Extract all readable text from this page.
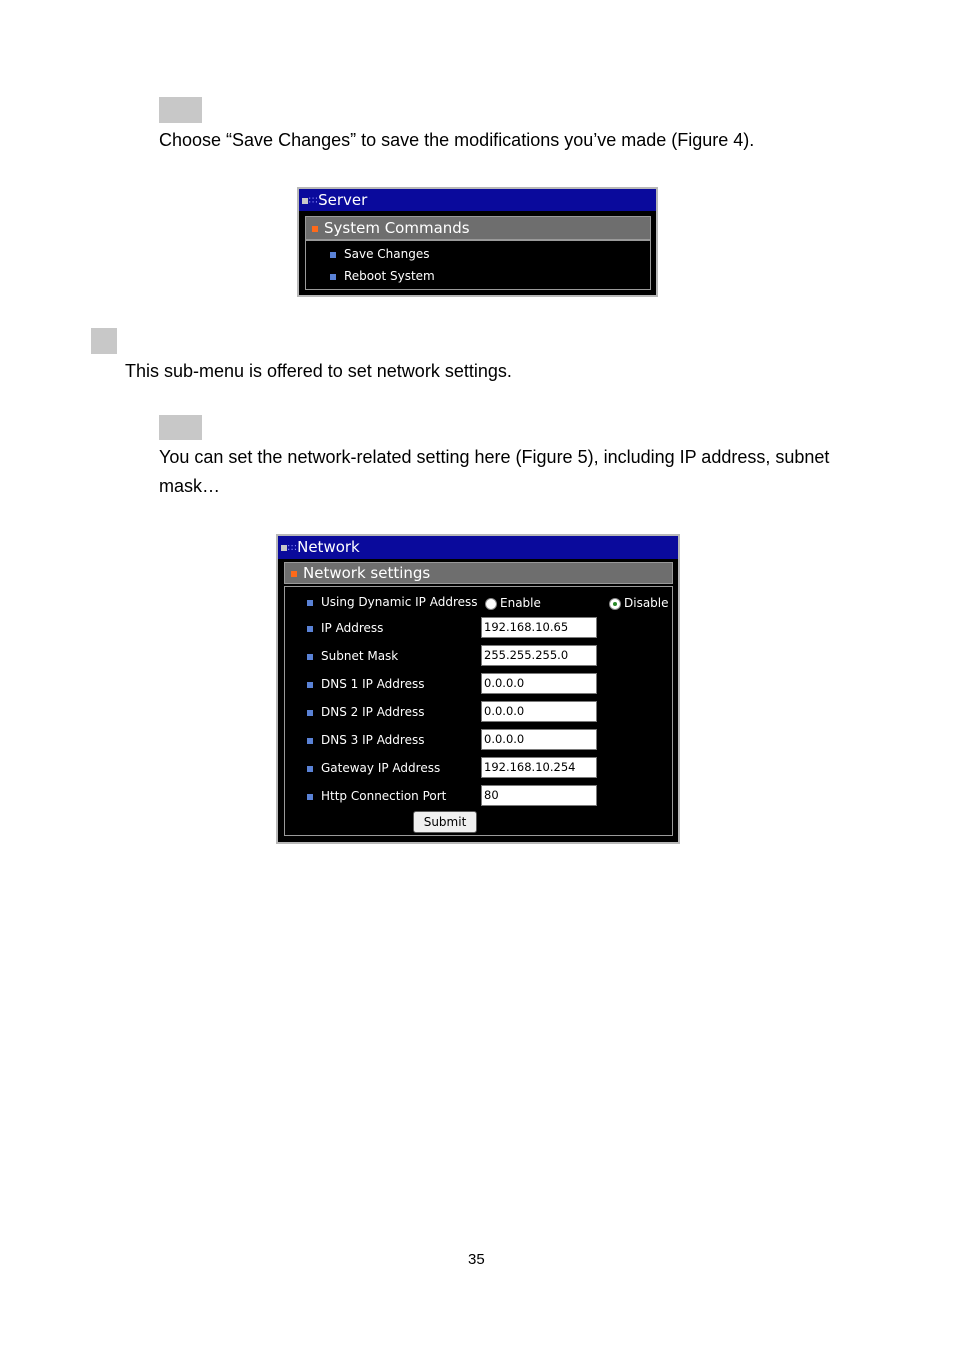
Choose “Save Changes” to save the modifications you’ve made (Figure 4).
:::Server
System Commands
Save Changes
Reboot System
This sub-menu is offered to set network settings.
You can set the network-related setting here (Figure 5), including IP address, subnet mask…
:::Network
Network settings
Using Dynamic IP Address	Enable	Disable
IP Address	192.168.10.65
Subnet Mask	255.255.255.0
DNS 1 IP Address	0.0.0.0
DNS 2 IP Address	0.0.0.0
DNS 3 IP Address	0.0.0.0
Gateway IP Address	192.168.10.254
Http Connection Port	80
Submit
35
